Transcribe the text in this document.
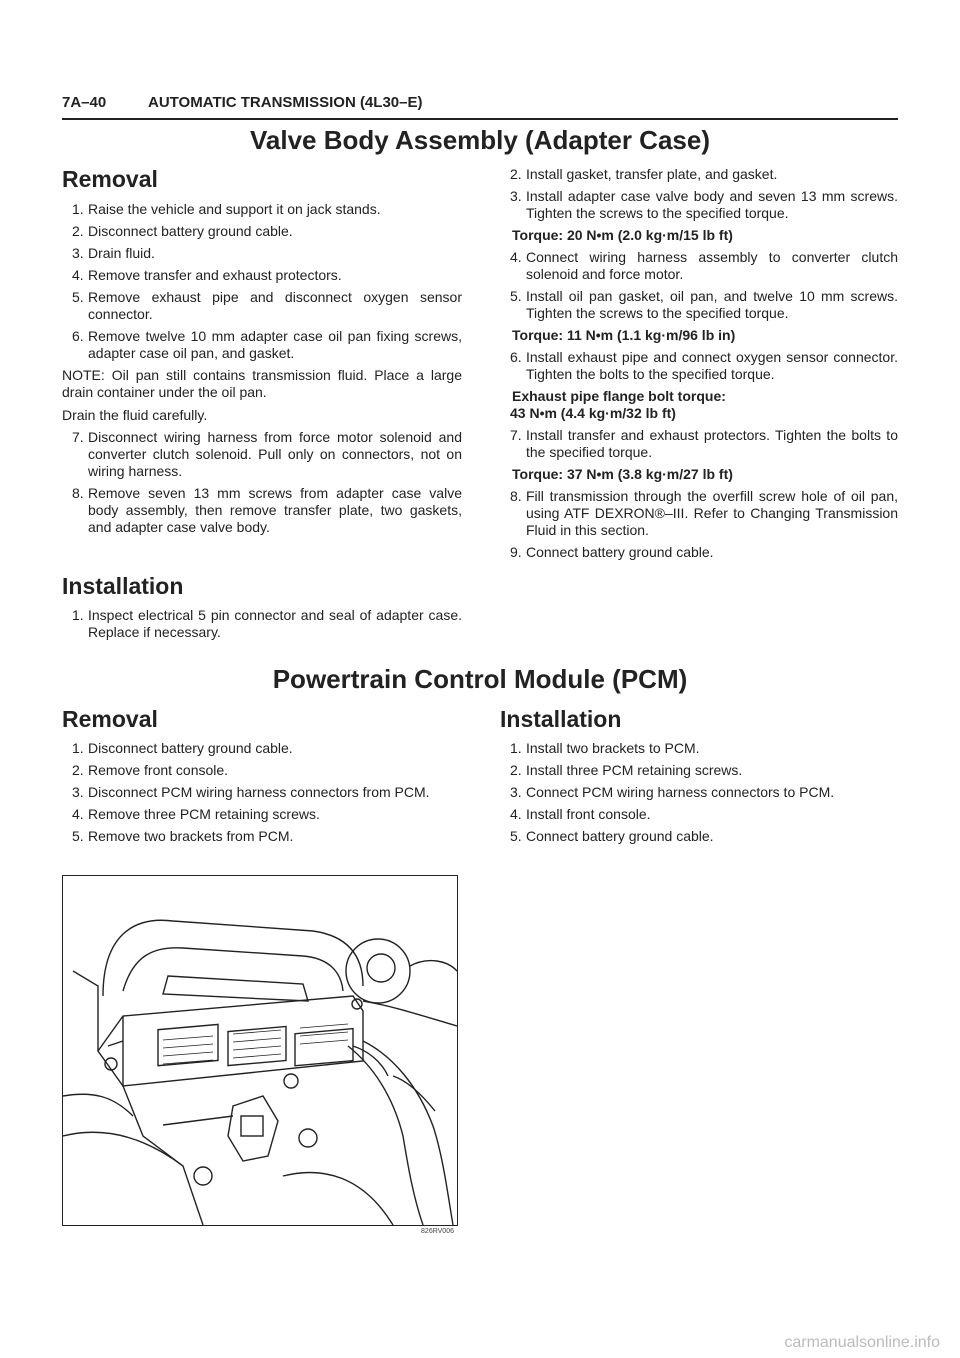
7A–40	AUTOMATIC TRANSMISSION (4L30–E)
Valve Body Assembly (Adapter Case)
Removal
1. Raise the vehicle and support it on jack stands.
2. Disconnect battery ground cable.
3. Drain fluid.
4. Remove transfer and exhaust protectors.
5. Remove exhaust pipe and disconnect oxygen sensor connector.
6. Remove twelve 10 mm adapter case oil pan fixing screws, adapter case oil pan, and gasket.
NOTE: Oil pan still contains transmission fluid. Place a large drain container under the oil pan.
Drain the fluid carefully.
7. Disconnect wiring harness from force motor solenoid and converter clutch solenoid. Pull only on connectors, not on wiring harness.
8. Remove seven 13 mm screws from adapter case valve body assembly, then remove transfer plate, two gaskets, and adapter case valve body.
Installation
1. Inspect electrical 5 pin connector and seal of adapter case. Replace if necessary.
2. Install gasket, transfer plate, and gasket.
3. Install adapter case valve body and seven 13 mm screws. Tighten the screws to the specified torque.
Torque: 20 N•m (2.0 kg·m/15 lb ft)
4. Connect wiring harness assembly to converter clutch solenoid and force motor.
5. Install oil pan gasket, oil pan, and twelve 10 mm screws. Tighten the screws to the specified torque.
Torque: 11 N•m (1.1 kg·m/96 lb in)
6. Install exhaust pipe and connect oxygen sensor connector. Tighten the bolts to the specified torque.
Exhaust pipe flange bolt torque:
43 N•m (4.4 kg·m/32 lb ft)
7. Install transfer and exhaust protectors. Tighten the bolts to the specified torque.
Torque: 37 N•m (3.8 kg·m/27 lb ft)
8. Fill transmission through the overfill screw hole of oil pan, using ATF DEXRON®–III. Refer to Changing Transmission Fluid in this section.
9. Connect battery ground cable.
Powertrain Control Module (PCM)
Removal
1. Disconnect battery ground cable.
2. Remove front console.
3. Disconnect PCM wiring harness connectors from PCM.
4. Remove three PCM retaining screws.
5. Remove two brackets from PCM.
Installation
1. Install two brackets to PCM.
2. Install three PCM retaining screws.
3. Connect PCM wiring harness connectors to PCM.
4. Install front console.
5. Connect battery ground cable.
826RV006
carmanualsonline.info
